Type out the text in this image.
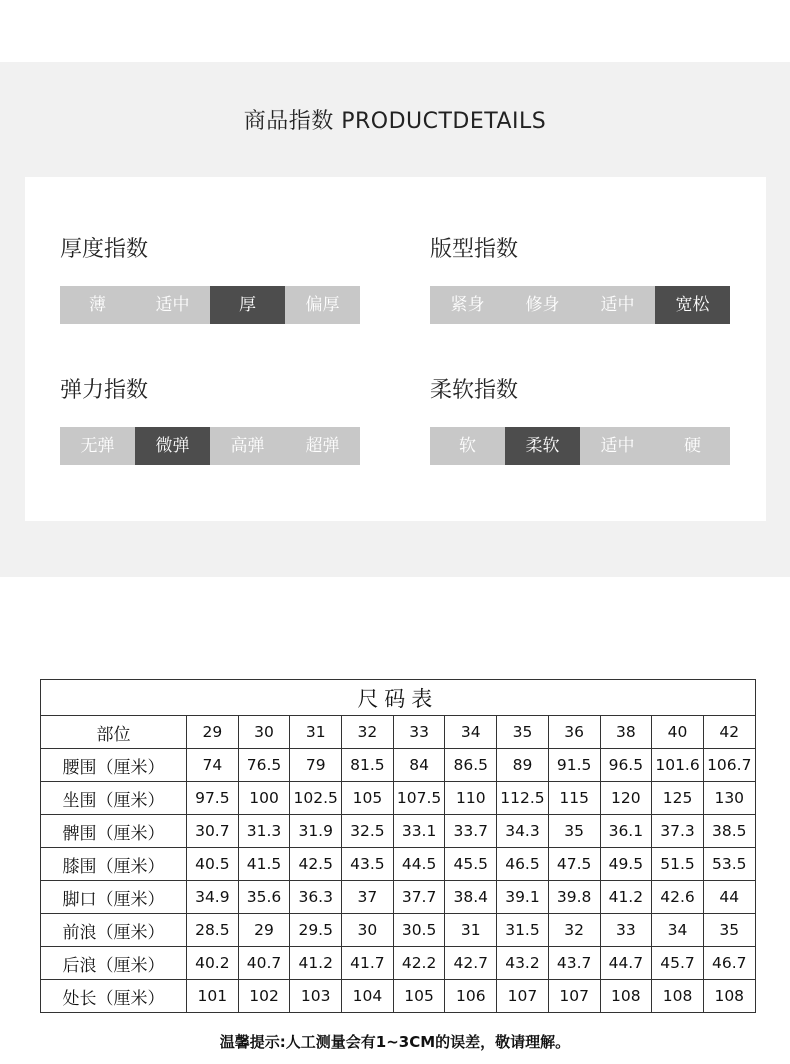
商品指数 PRODUCTDETAILS
厚度指数
薄	适中	厚	偏厚
版型指数
紧身	修身	适中	宽松
弹力指数
无弹	微弹	高弹	超弹
柔软指数
软	柔软	适中	硬
尺码表											
部位	29	30	31	32	33	34	35	36	38	40	42
腰围（厘米）	74	76.5	79	81.5	84	86.5	89	91.5	96.5	101.6	106.7
坐围（厘米）	97.5	100	102.5	105	107.5	110	112.5	115	120	125	130
髀围（厘米）	30.7	31.3	31.9	32.5	33.1	33.7	34.3	35	36.1	37.3	38.5
膝围（厘米）	40.5	41.5	42.5	43.5	44.5	45.5	46.5	47.5	49.5	51.5	53.5
脚口（厘米）	34.9	35.6	36.3	37	37.7	38.4	39.1	39.8	41.2	42.6	44
前浪（厘米）	28.5	29	29.5	30	30.5	31	31.5	32	33	34	35
后浪（厘米）	40.2	40.7	41.2	41.7	42.2	42.7	43.2	43.7	44.7	45.7	46.7
处长（厘米）	101	102	103	104	105	106	107	107	108	108	108
温馨提示:人工测量会有1~3CM的误差，敬请理解。
